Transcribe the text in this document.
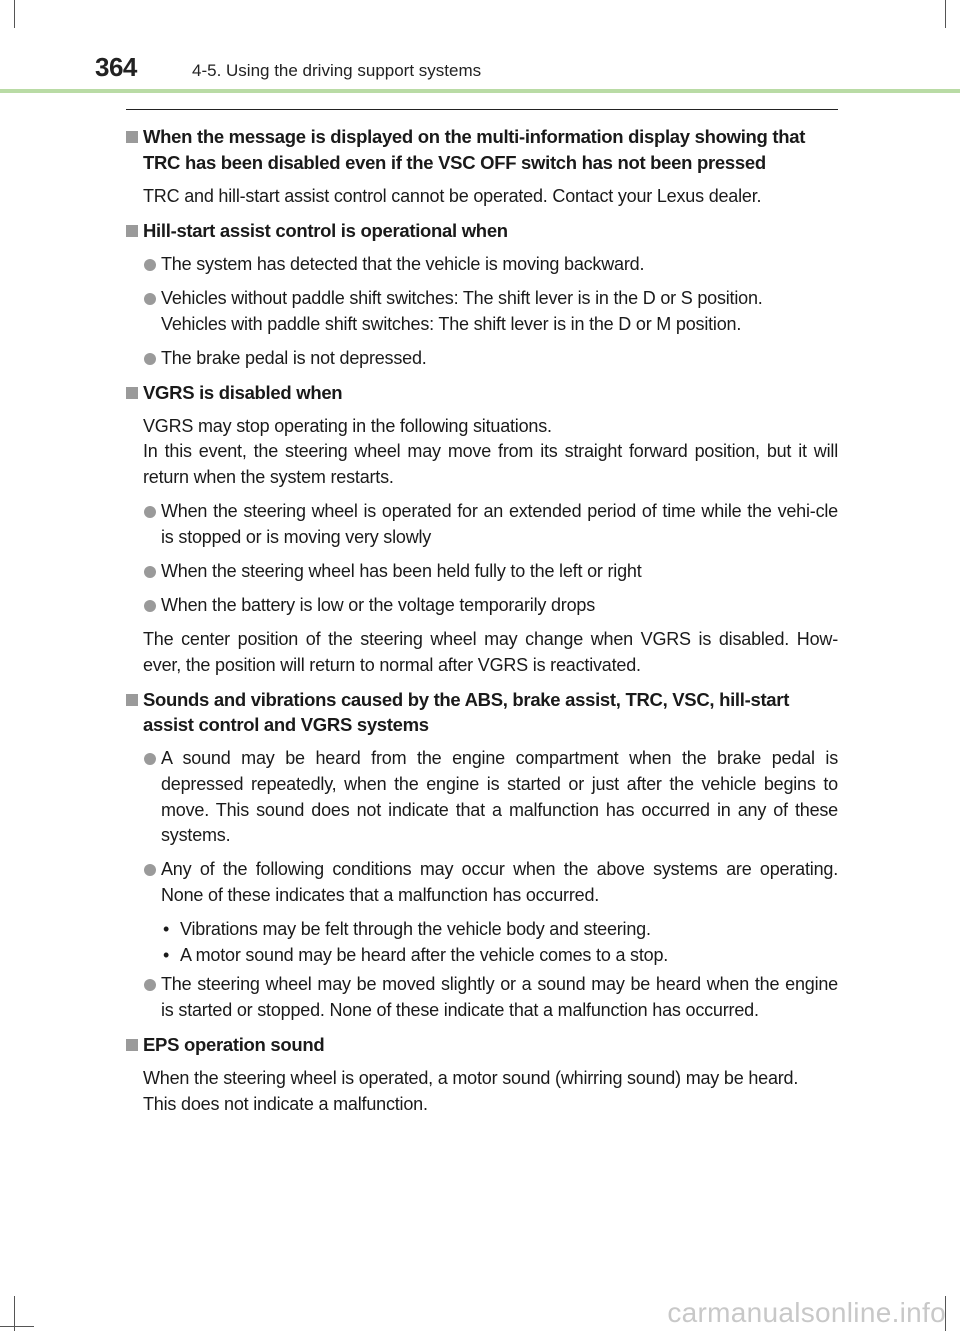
364	4-5. Using the driving support systems
When the message is displayed on the multi-information display showing that TRC has been disabled even if the VSC OFF switch has not been pressed
TRC and hill-start assist control cannot be operated. Contact your Lexus dealer.
Hill-start assist control is operational when
The system has detected that the vehicle is moving backward.
Vehicles without paddle shift switches: The shift lever is in the D or S position.
Vehicles with paddle shift switches: The shift lever is in the D or M position.
The brake pedal is not depressed.
VGRS is disabled when
VGRS may stop operating in the following situations.
In this event, the steering wheel may move from its straight forward position, but it will return when the system restarts.
When the steering wheel is operated for an extended period of time while the vehi-cle is stopped or is moving very slowly
When the steering wheel has been held fully to the left or right
When the battery is low or the voltage temporarily drops
The center position of the steering wheel may change when VGRS is disabled. How-ever, the position will return to normal after VGRS is reactivated.
Sounds and vibrations caused by the ABS, brake assist, TRC, VSC, hill-start assist control and VGRS systems
A sound may be heard from the engine compartment when the brake pedal is depressed repeatedly, when the engine is started or just after the vehicle begins to move. This sound does not indicate that a malfunction has occurred in any of these systems.
Any of the following conditions may occur when the above systems are operating. None of these indicates that a malfunction has occurred.
• Vibrations may be felt through the vehicle body and steering.
• A motor sound may be heard after the vehicle comes to a stop.
The steering wheel may be moved slightly or a sound may be heard when the engine is started or stopped. None of these indicate that a malfunction has occurred.
EPS operation sound
When the steering wheel is operated, a motor sound (whirring sound) may be heard.
This does not indicate a malfunction.
carmanualsonline.info
